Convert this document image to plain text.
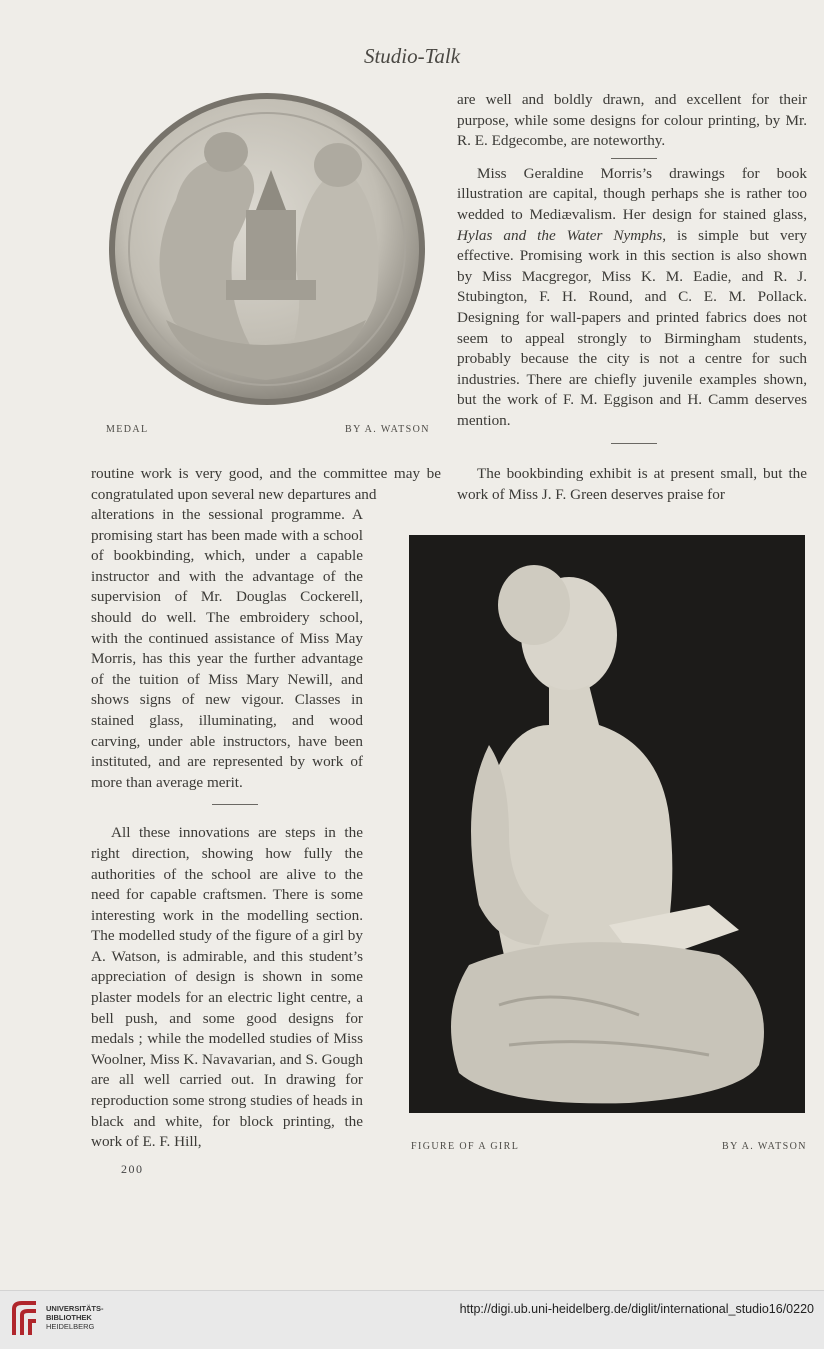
Studio-Talk
MEDAL	BY A. WATSON

are well and boldly drawn, and excellent for their purpose, while some designs for colour printing, by Mr. R. E. Edgecombe, are noteworthy.

Miss Geraldine Morris’s drawings for book illustration are capital, though perhaps she is rather too wedded to Mediævalism. Her design for stained glass, Hylas and the Water Nymphs, is simple but very effective. Promising work in this section is also shown by Miss Macgregor, Miss K. M. Eadie, and R. J. Stubington, F. H. Round, and C. E. M. Pollack. Designing for wall-papers and printed fabrics does not seem to appeal strongly to Birmingham students, probably because the city is not a centre for such industries. There are chiefly juvenile examples shown, but the work of F. M. Eggison and H. Camm deserves mention.

routine work is very good, and the committee may be congratulated upon several new departures and

The bookbinding exhibit is at present small, but the work of Miss J. F. Green deserves praise for

alterations in the sessional programme. A promising start has been made with a school of bookbinding, which, under a capable instructor and with the advantage of the supervision of Mr. Douglas Cockerell, should do well. The embroidery school, with the continued assistance of Miss May Morris, has this year the further advantage of the tuition of Miss Mary Newill, and shows signs of new vigour. Classes in stained glass, illuminating, and wood carving, under able instructors, have been instituted, and are represented by work of more than average merit.

All these innovations are steps in the right direction, showing how fully the authorities of the school are alive to the need for capable craftsmen. There is some interesting work in the modelling section. The modelled study of the figure of a girl by A. Watson, is admirable, and this student’s appreciation of design is shown in some plaster models for an electric light centre, a bell push, and some good designs for medals ; while the modelled studies of Miss Woolner, Miss K. Navavarian, and S. Gough are all well carried out. In drawing for reproduction some strong studies of heads in black and white, for block printing, the work of E. F. Hill,	FIGURE OF A GIRL	BY A. WATSON
200
UNIVERSITÄTS-
BIBLIOTHEK
HEIDELBERG
http://digi.ub.uni-heidelberg.de/diglit/international_studio16/0220
